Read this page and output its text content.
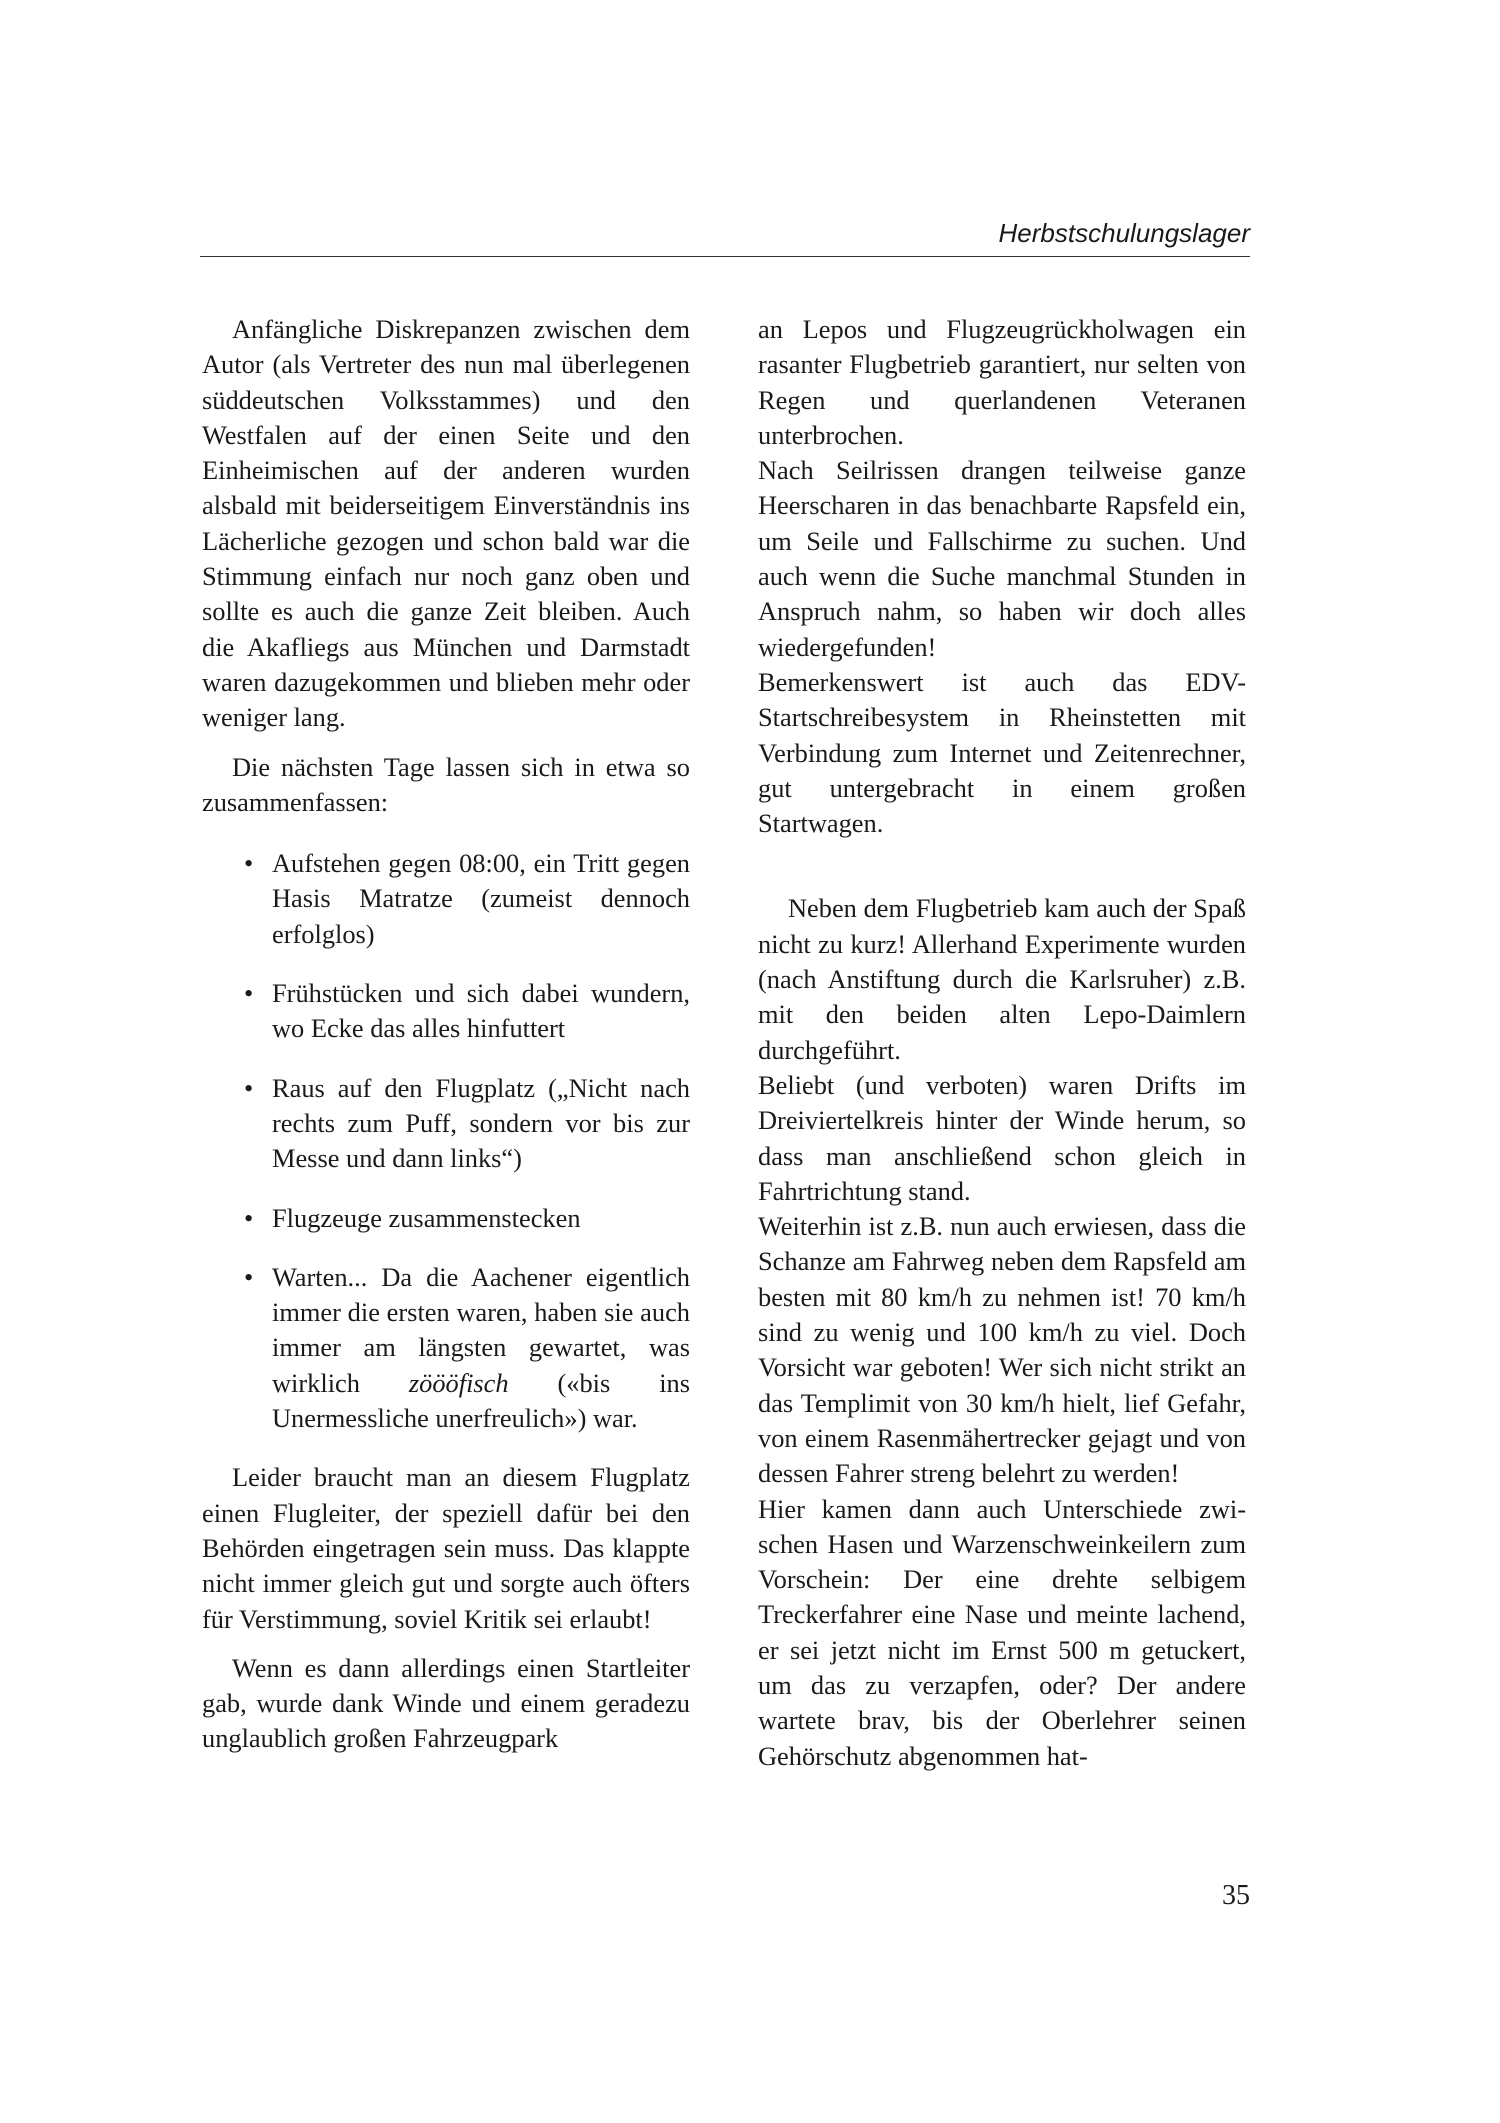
Herbstschulungslager

Anfängliche Diskrepanzen zwischen dem Autor (als Vertreter des nun mal überlegenen süddeutschen Volksstammes) und den Westfalen auf der einen Seite und den Einheimischen auf der anderen wurden alsbald mit beiderseitigem Einverständnis ins Lächerliche gezogen und schon bald war die Stimmung einfach nur noch ganz oben und sollte es auch die ganze Zeit bleiben. Auch die Akafliegs aus München und Darmstadt waren dazugekommen und blieben mehr oder weniger lang.

Die nächsten Tage lassen sich in etwa so zusammenfassen:

• Aufstehen gegen 08:00, ein Tritt gegen Hasis Matratze (zumeist dennoch erfolglos)
• Frühstücken und sich dabei wundern, wo Ecke das alles hinfuttert
• Raus auf den Flugplatz („Nicht nach rechts zum Puff, sondern vor bis zur Messe und dann links“)
• Flugzeuge zusammenstecken
• Warten... Da die Aachener eigentlich immer die ersten waren, haben sie auch immer am längsten gewartet, was wirklich zöööfisch («bis ins Unermessliche unerfreulich») war.

Leider braucht man an diesem Flugplatz einen Flugleiter, der speziell dafür bei den Behörden eingetragen sein muss. Das klappte nicht immer gleich gut und sorgte auch öfters für Verstimmung, soviel Kritik sei erlaubt!

Wenn es dann allerdings einen Startleiter gab, wurde dank Winde und einem geradezu unglaublich großen Fahrzeugpark

an Lepos und Flugzeugrückholwagen ein rasanter Flugbetrieb garantiert, nur selten von Regen und querlandenen Veteranen unterbrochen.

Nach Seilrissen drangen teilweise ganze Heerscharen in das benachbarte Rapsfeld ein, um Seile und Fallschirme zu suchen. Und auch wenn die Suche manchmal Stunden in Anspruch nahm, so haben wir doch alles wiedergefunden!

Bemerkenswert ist auch das EDV-Startschreibesystem in Rheinstetten mit Verbindung zum Internet und Zeitenrechner, gut untergebracht in einem großen Startwagen.

Neben dem Flugbetrieb kam auch der Spaß nicht zu kurz! Allerhand Experimente wurden (nach Anstiftung durch die Karlsruher) z.B. mit den beiden alten Lepo-Daimlern durchgeführt.

Beliebt (und verboten) waren Drifts im Dreiviertelkreis hinter der Winde herum, so dass man anschließend schon gleich in Fahrtrichtung stand.

Weiterhin ist z.B. nun auch erwiesen, dass die Schanze am Fahrweg neben dem Rapsfeld am besten mit 80 km/h zu nehmen ist! 70 km/h sind zu wenig und 100 km/h zu viel. Doch Vorsicht war geboten! Wer sich nicht strikt an das Templimit von 30 km/h hielt, lief Gefahr, von einem Rasenmähertrecker gejagt und von dessen Fahrer streng belehrt zu werden!

Hier kamen dann auch Unterschiede zwischen Hasen und Warzenschweinkeilern zum Vorschein: Der eine drehte selbigem Treckerfahrer eine Nase und meinte lachend, er sei jetzt nicht im Ernst 500 m getuckert, um das zu verzapfen, oder? Der andere wartete brav, bis der Oberlehrer seinen Gehörschutz abgenommen hat-

35
